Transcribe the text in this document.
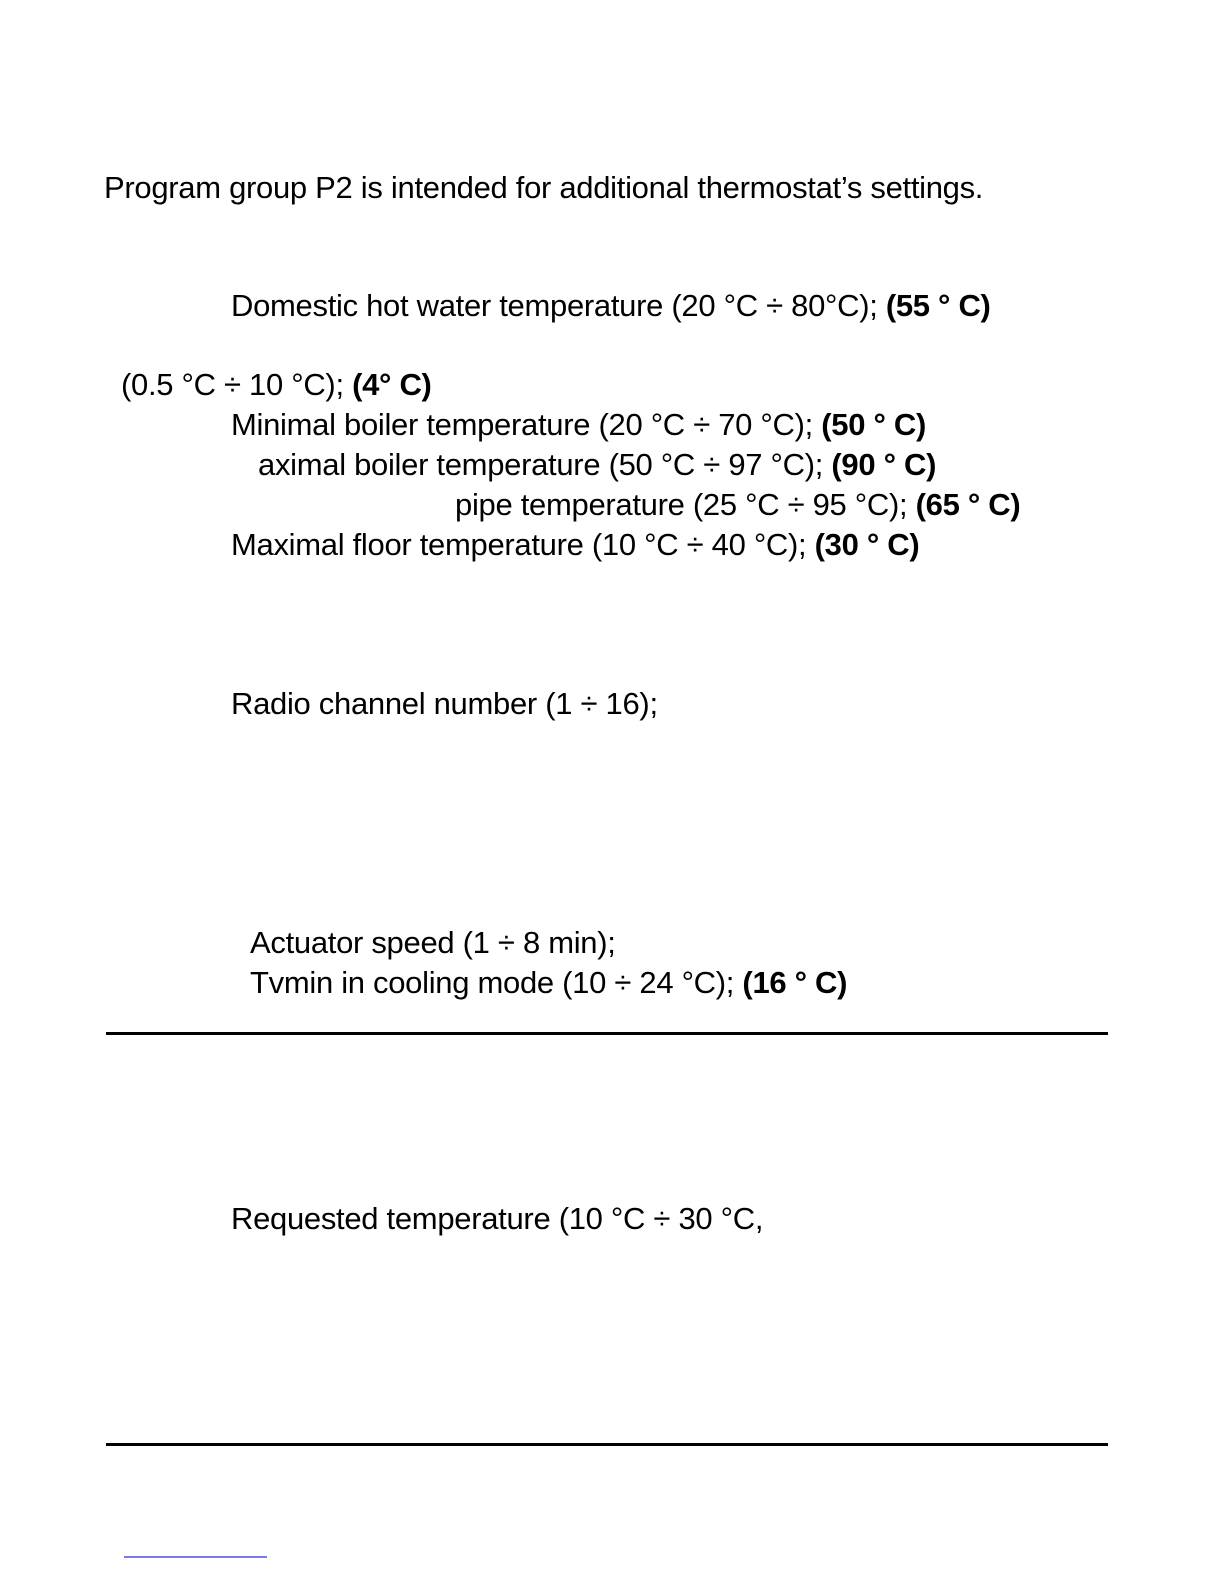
Program group P2 is intended for additional thermostat’s settings.
Domestic hot water temperature (20 °C ÷ 80°C); (55 ° C)
(0.5 °C ÷ 10 °C); (4° C)
Minimal boiler temperature (20 °C ÷ 70 °C); (50 ° C)
aximal boiler temperature (50 °C ÷ 97 °C); (90 ° C)
pipe temperature (25 °C ÷ 95 °C); (65 ° C)
Maximal floor temperature (10 °C ÷ 40 °C); (30 ° C)
Radio channel number (1 ÷ 16);
Actuator speed (1 ÷ 8 min);
Tvmin in cooling mode (10 ÷ 24 °C); (16 ° C)
Requested temperature (10 °C ÷ 30 °C,
